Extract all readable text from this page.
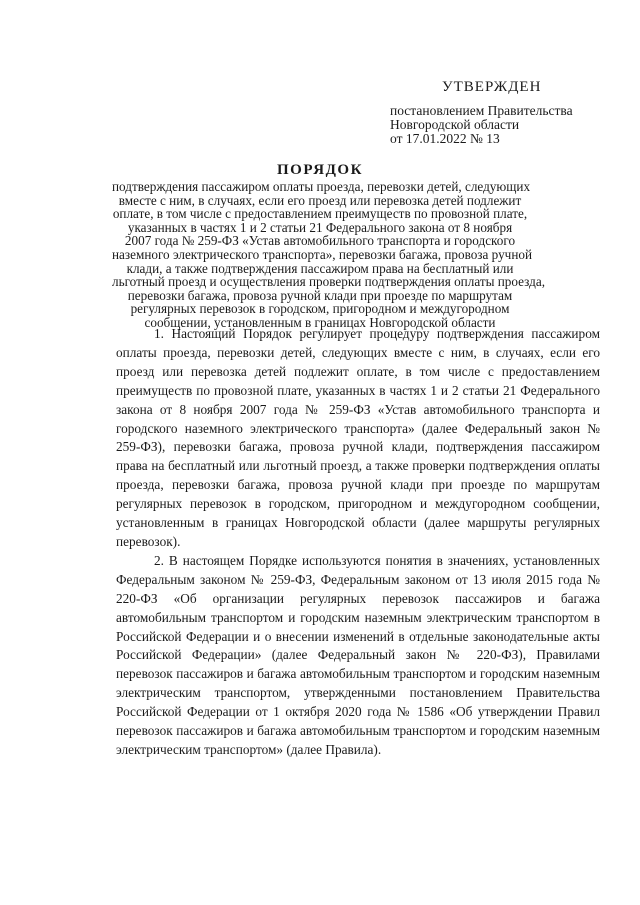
УТВЕРЖДЕН
постановлением Правительства
Новгородской области
от 17.01.2022 № 13
ПОРЯДОК
подтверждения пассажиром оплаты проезда, перевозки детей, следующих
вместе с ним, в случаях, если его проезд или перевозка детей подлежит
оплате, в том числе с предоставлением преимуществ по провозной плате,
указанных в частях 1 и 2 статьи 21 Федерального закона от 8 ноября
2007 года № 259-ФЗ «Устав автомобильного транспорта и городского
наземного электрического транспорта», перевозки багажа, провоза ручной
клади, а также подтверждения пассажиром права на бесплатный или
льготный проезд и осуществления проверки подтверждения оплаты проезда,
перевозки багажа, провоза ручной клади при проезде по маршрутам
регулярных перевозок в городском, пригородном и междугородном
сообщении, установленным в границах Новгородской области

1. Настоящий Порядок регулирует процедуру подтверждения пассажиром оплаты проезда, перевозки детей, следующих вместе с ним, в случаях, если его проезд или перевозка детей подлежит оплате, в том числе с предоставлением преимуществ по провозной плате, указанных в частях 1 и 2 статьи 21 Федерального закона от 8 ноября 2007 года № 259-ФЗ «Устав автомобильного транспорта и городского наземного электрического транспорта» (далее Федеральный закон № 259-ФЗ), перевозки багажа, провоза ручной клади, подтверждения пассажиром права на бесплатный или льготный проезд, а также проверки подтверждения оплаты проезда, перевозки багажа, провоза ручной клади при проезде по маршрутам регулярных перевозок в городском, пригородном и междугородном сообщении, установленным в границах Новгородской области (далее маршруты регулярных перевозок).

2. В настоящем Порядке используются понятия в значениях, установленных Федеральным законом № 259-ФЗ, Федеральным законом от 13 июля 2015 года № 220-ФЗ «Об организации регулярных перевозок пассажиров и багажа автомобильным транспортом и городским наземным электрическим транспортом в Российской Федерации и о внесении изменений в отдельные законодательные акты Российской Федерации» (далее Федеральный закон № 220-ФЗ), Правилами перевозок пассажиров и багажа автомобильным транспортом и городским наземным электрическим транспортом, утвержденными постановлением Правительства Российской Федерации от 1 октября 2020 года № 1586 «Об утверждении Правил перевозок пассажиров и багажа автомобильным транспортом и городским наземным электрическим транспортом» (далее Правила).
